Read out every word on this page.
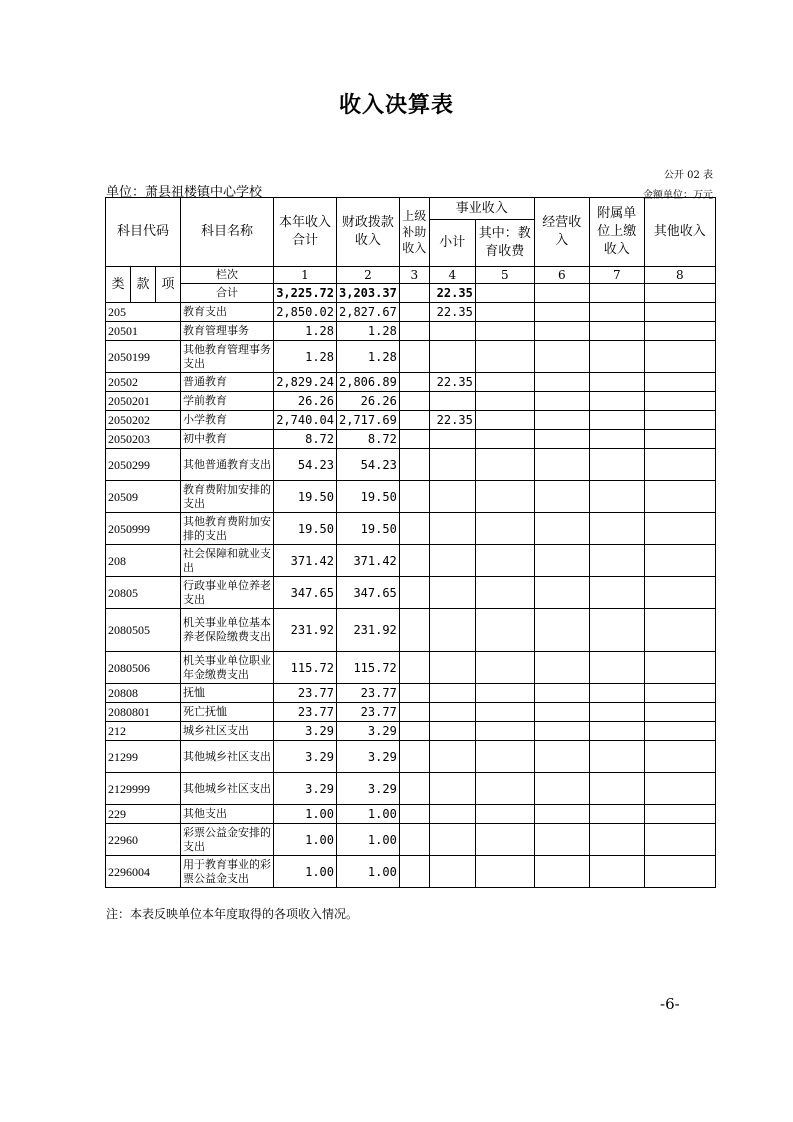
收入决算表
公开 02 表
单位：萧县祖楼镇中心学校	金额单位：万元
科目代码			科目名称	本年收入合计	财政拨款收入	上级补助收入	事业收入		经营收入	附属单位上缴收入	其他收入
							小计	其中：教育收费			

类	款	项	栏次	1	2	3	4	5	6	7	8
			合计	3,225.72	3,203.37		22.35				
205			教育支出	2,850.02	2,827.67		22.35				
20501			教育管理事务	1.28	1.28						
2050199			其他教育管理事务支出	1.28	1.28						
20502			普通教育	2,829.24	2,806.89		22.35				
2050201			学前教育	26.26	26.26						
2050202			小学教育	2,740.04	2,717.69		22.35				
2050203			初中教育	8.72	8.72						
2050299			其他普通教育支出	54.23	54.23						
20509			教育费附加安排的支出	19.50	19.50						
2050999			其他教育费附加安排的支出	19.50	19.50						
208			社会保障和就业支出	371.42	371.42						
20805			行政事业单位养老支出	347.65	347.65						
2080505			机关事业单位基本养老保险缴费支出	231.92	231.92						
2080506			机关事业单位职业年金缴费支出	115.72	115.72						
20808			抚恤	23.77	23.77						
2080801			死亡抚恤	23.77	23.77						
212			城乡社区支出	3.29	3.29						
21299			其他城乡社区支出	3.29	3.29						
2129999			其他城乡社区支出	3.29	3.29						
229			其他支出	1.00	1.00						
22960			彩票公益金安排的支出	1.00	1.00						
2296004			用于教育事业的彩票公益金支出	1.00	1.00						
注：本表反映单位本年度取得的各项收入情况。
-6-
